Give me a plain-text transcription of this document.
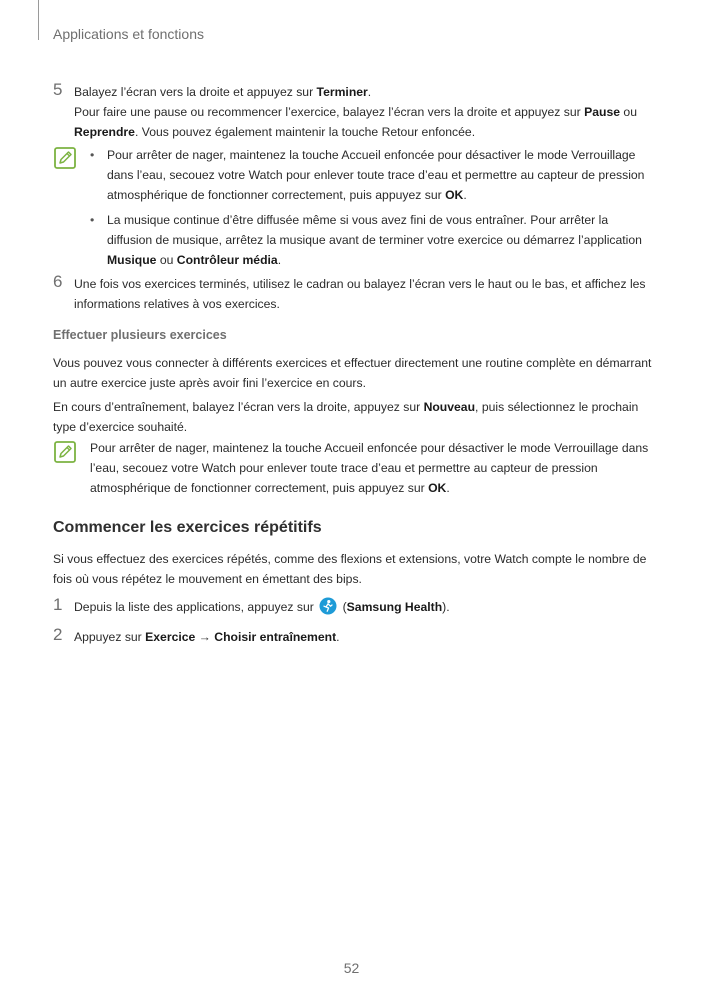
Applications et fonctions
5 Balayez l’écran vers la droite et appuyez sur Terminer.
Pour faire une pause ou recommencer l’exercice, balayez l’écran vers la droite et appuyez sur Pause ou
Reprendre. Vous pouvez également maintenir la touche Retour enfoncée.
• Pour arrêter de nager, maintenez la touche Accueil enfoncée pour désactiver le mode Verrouillage dans l’eau, secouez votre Watch pour enlever toute trace d’eau et permettre au capteur de pression atmosphérique de fonctionner correctement, puis appuyez sur OK.
• La musique continue d’être diffusée même si vous avez fini de vous entraîner. Pour arrêter la diffusion de musique, arrêtez la musique avant de terminer votre exercice ou démarrez l’application Musique ou Contrôleur média.
6 Une fois vos exercices terminés, utilisez le cadran ou balayez l’écran vers le haut ou le bas, et affichez les informations relatives à vos exercices.
Effectuer plusieurs exercices
Vous pouvez vous connecter à différents exercices et effectuer directement une routine complète en démarrant un autre exercice juste après avoir fini l’exercice en cours.
En cours d’entraînement, balayez l’écran vers la droite, appuyez sur Nouveau, puis sélectionnez le prochain type d’exercice souhaité.
Pour arrêter de nager, maintenez la touche Accueil enfoncée pour désactiver le mode Verrouillage dans l’eau, secouez votre Watch pour enlever toute trace d’eau et permettre au capteur de pression atmosphérique de fonctionner correctement, puis appuyez sur OK.
Commencer les exercices répétitifs
Si vous effectuez des exercices répétés, comme des flexions et extensions, votre Watch compte le nombre de fois où vous répétez le mouvement en émettant des bips.
1 Depuis la liste des applications, appuyez sur  (Samsung Health).
2 Appuyez sur Exercice → Choisir entraînement.
52
